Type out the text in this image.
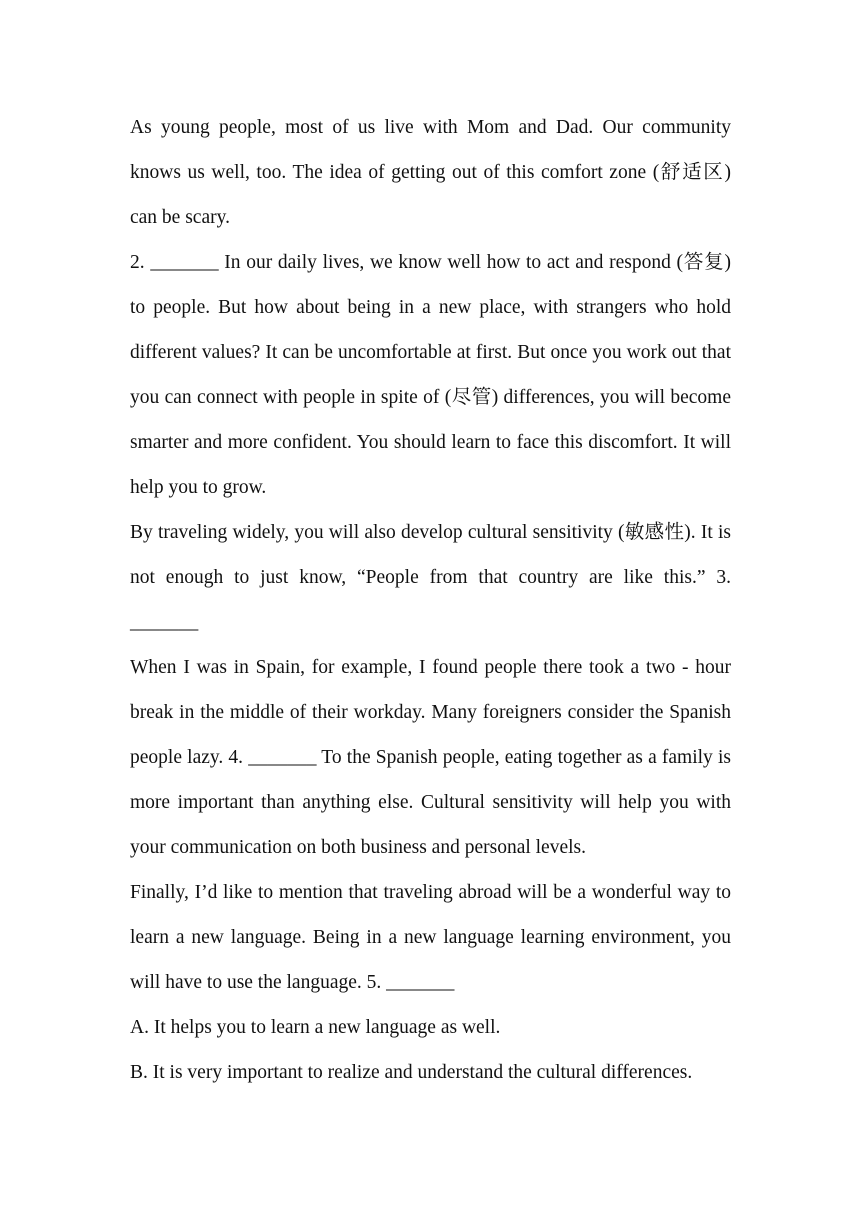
As young people, most of us live with Mom and Dad. Our community knows us well, too. The idea of getting out of this comfort zone (舒适区) can be scary.

2. _______ In our daily lives, we know well how to act and respond (答复) to people. But how about being in a new place, with strangers who hold different values? It can be uncomfortable at first. But once you work out that you can connect with people in spite of (尽管) differences, you will become smarter and more confident. You should learn to face this discomfort. It will help you to grow.

By traveling widely, you will also develop cultural sensitivity (敏感性). It is not enough to just know, “People from that country are like this.” 3. _______

When I was in Spain, for example, I found people there took a two - hour break in the middle of their workday. Many foreigners consider the Spanish people lazy. 4. _______ To the Spanish people, eating together as a family is more important than anything else. Cultural sensitivity will help you with your communication on both business and personal levels.

Finally, I’d like to mention that traveling abroad will be a wonderful way to learn a new language. Being in a new language learning environment, you will have to use the language. 5. _______

A. It helps you to learn a new language as well.

B. It is very important to realize and understand the cultural differences.
